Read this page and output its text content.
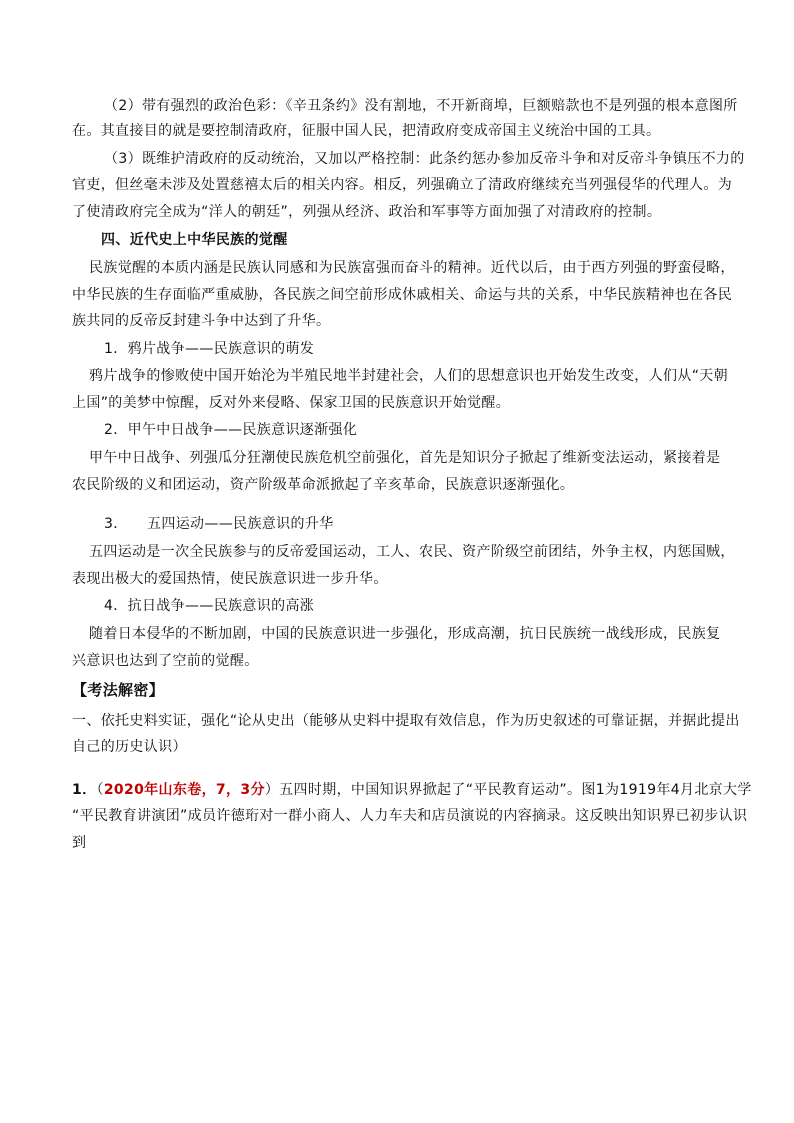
（2）带有强烈的政治色彩：《辛丑条约》没有割地，不开新商埠，巨额赔款也不是列强的根本意图所
在。其直接目的就是要控制清政府，征服中国人民，把清政府变成帝国主义统治中国的工具。
（3）既维护清政府的反动统治，又加以严格控制：此条约惩办参加反帝斗争和对反帝斗争镇压不力的
官吏，但丝毫未涉及处置慈禧太后的相关内容。相反，列强确立了清政府继续充当列强侵华的代理人。为
了使清政府完全成为“洋人的朝廷”，列强从经济、政治和军事等方面加强了对清政府的控制。
四、近代史上中华民族的觉醒
民族觉醒的本质内涵是民族认同感和为民族富强而奋斗的精神。近代以后，由于西方列强的野蛮侵略，
中华民族的生存面临严重威胁，各民族之间空前形成休戚相关、命运与共的关系，中华民族精神也在各民
族共同的反帝反封建斗争中达到了升华。
1．鸦片战争——民族意识的萌发
鸦片战争的惨败使中国开始沦为半殖民地半封建社会，人们的思想意识也开始发生改变，人们从“天朝
上国”的美梦中惊醒，反对外来侵略、保家卫国的民族意识开始觉醒。
2．甲午中日战争——民族意识逐渐强化
甲午中日战争、列强瓜分狂潮使民族危机空前强化，首先是知识分子掀起了维新变法运动，紧接着是
农民阶级的义和团运动，资产阶级革命派掀起了辛亥革命，民族意识逐渐强化。
3． 五四运动——民族意识的升华
五四运动是一次全民族参与的反帝爱国运动，工人、农民、资产阶级空前团结，外争主权，内惩国贼，
表现出极大的爱国热情，使民族意识进一步升华。
4．抗日战争——民族意识的高涨
随着日本侵华的不断加剧，中国的民族意识进一步强化，形成高潮，抗日民族统一战线形成，民族复
兴意识也达到了空前的觉醒。
【考法解密】
一、依托史料实证，强化“论从史出（能够从史料中提取有效信息，作为历史叙述的可靠证据，并据此提出
自己的历史认识）
1．（2020年山东卷，7，3分）五四时期，中国知识界掀起了“平民教育运动”。图1为1919年4月北京大学
“平民教育讲演团”成员许德珩对一群小商人、人力车夫和店员演说的内容摘录。这反映出知识界已初步认识
到
